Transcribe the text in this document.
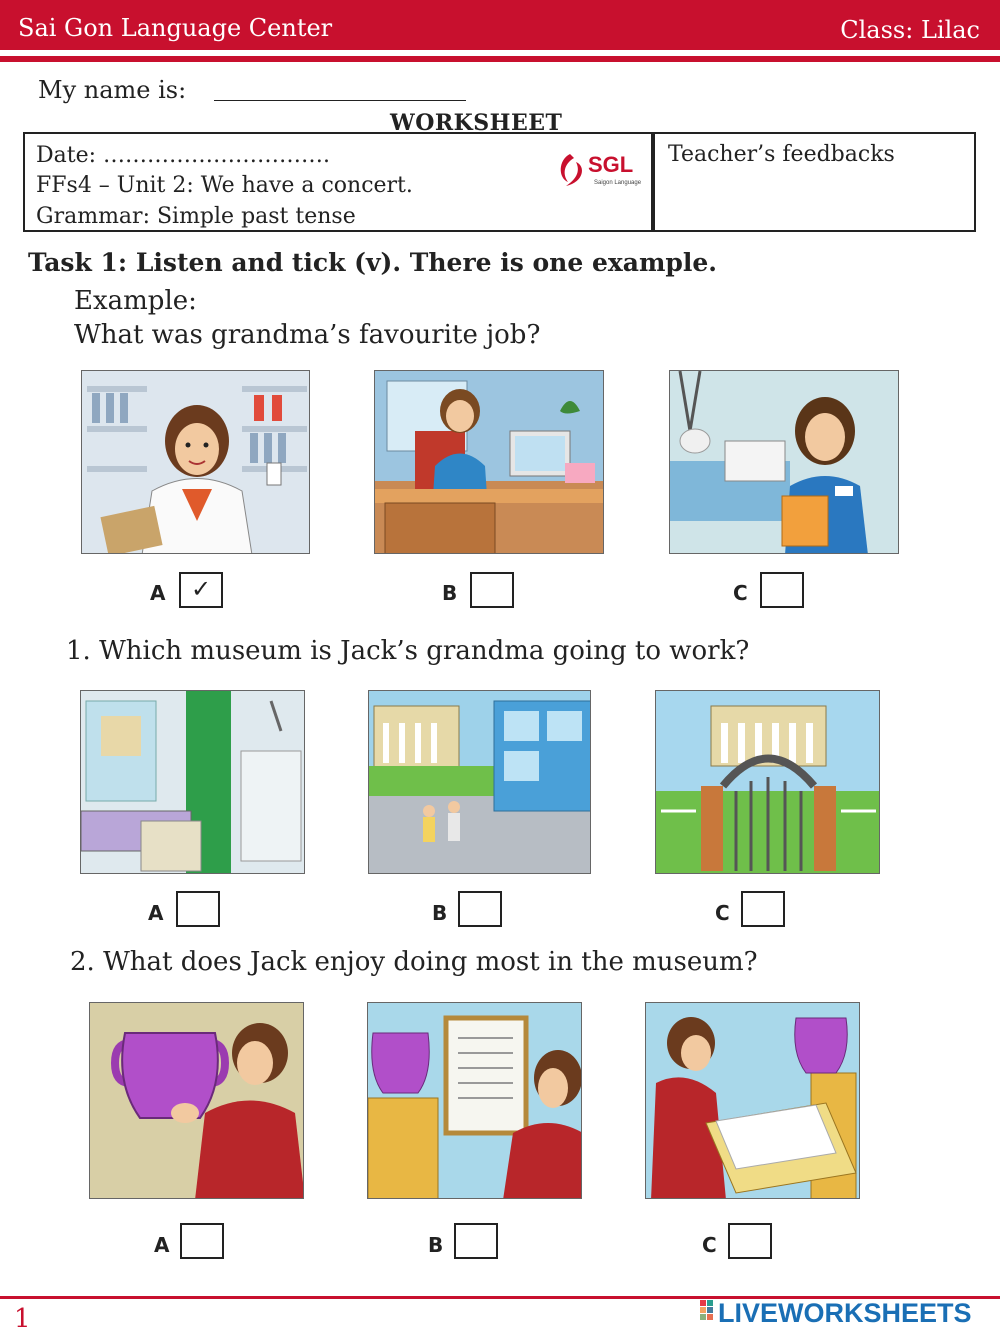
Sai Gon Language Center	Class: Lilac
My name is:
WORKSHEET
Date: ………………………….
FFs4 – Unit 2: We have a concert.
Grammar: Simple past tense
SGL
Saigon Language
Teacher’s feedbacks
Task 1: Listen and tick (v). There is one example.
Example:
What was grandma’s favourite job?
A	✓	B	C
1. Which museum is Jack’s grandma going to work?
A	B	C
2. What does Jack enjoy doing most in the museum?
A	B	C
1	LIVEWORKSHEETS
